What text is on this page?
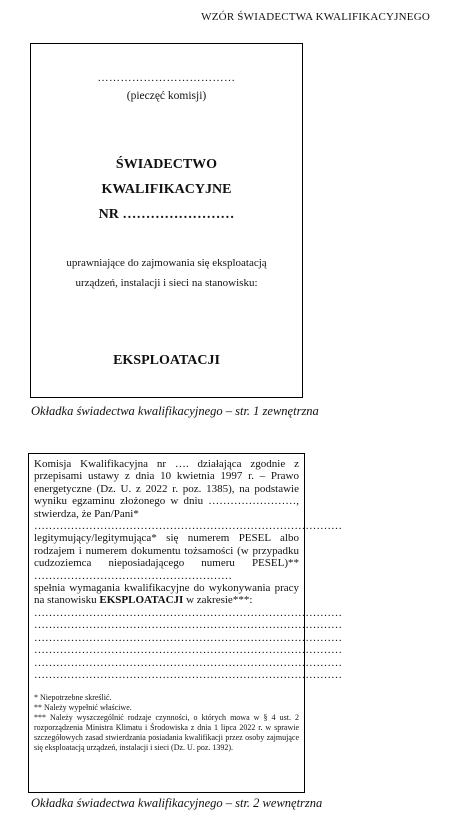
WZÓR ŚWIADECTWA KWALIFIKACYJNEGO
………………………………
(pieczęć komisji)
ŚWIADECTWO
KWALIFIKACYJNE
NR ……………………
uprawniające do zajmowania się eksploatacją
urządzeń, instalacji i sieci na stanowisku:
EKSPLOATACJI
Okładka świadectwa kwalifikacyjnego – str. 1 zewnętrzna

Komisja Kwalifikacyjna nr …. działająca zgodnie z przepisami ustawy z dnia 10 kwietnia 1997 r. – Prawo energetyczne (Dz. U. z 2022 r. poz. 1385), na podstawie wyniku egzaminu złożonego w dniu ……………………, stwierdza, że Pan/Pani*

…………………………………………………………………………

legitymujący/legitymująca* się numerem PESEL albo rodzajem i numerem dokumentu tożsamości (w przypadku cudzoziemca nieposiadającego numeru PESEL)** ………………………………………………

spełnia wymagania kwalifikacyjne do wykonywania pracy na stanowisku EKSPLOATACJI w zakresie***:

…………………………………………………………………………

…………………………………………………………………………

…………………………………………………………………………

…………………………………………………………………………

…………………………………………………………………………

…………………………………………………………………………

* Niepotrzebne skreślić.
** Należy wypełnić właściwe.
*** Należy wyszczególnić rodzaje czynności, o których mowa w § 4 ust. 2 rozporządzenia Ministra Klimatu i Środowiska z dnia 1 lipca 2022 r. w sprawie szczegółowych zasad stwierdzania posiadania kwalifikacji przez osoby zajmujące się eksploatacją urządzeń, instalacji i sieci (Dz. U. poz. 1392).
Okładka świadectwa kwalifikacyjnego – str. 2 wewnętrzna
